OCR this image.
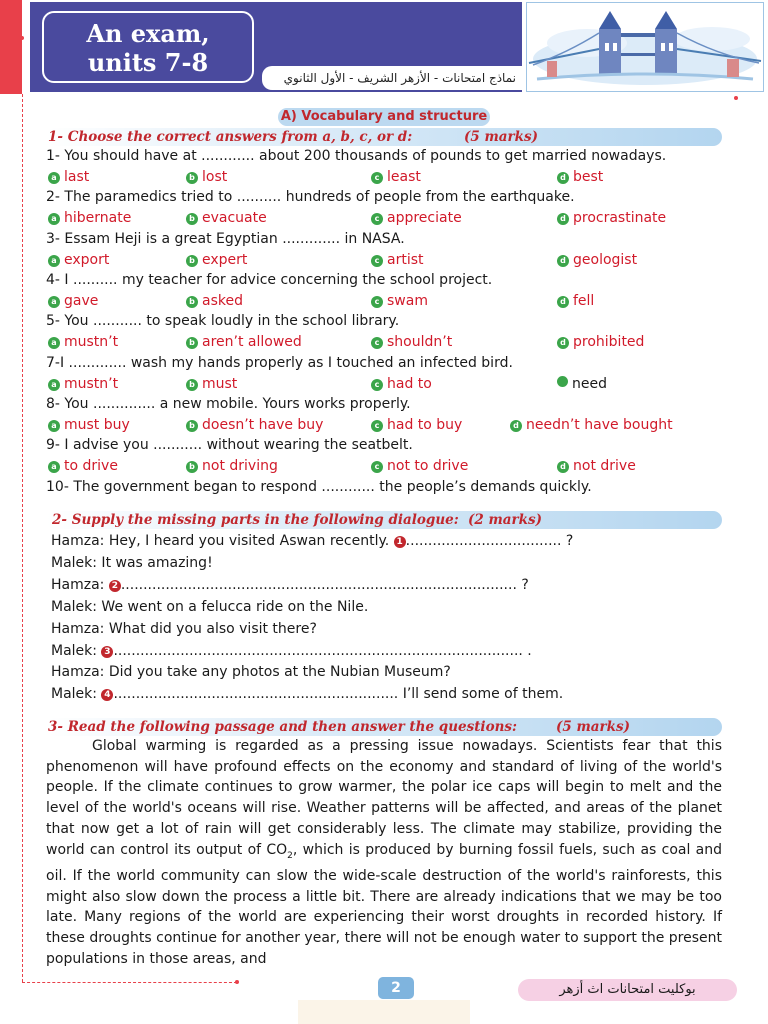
An exam,
units 7-8
نماذج امتحانات - الأزهر الشريف - الأول الثانوي
A) Vocabulary and structure
1- Choose the correct answers from a, b, c, or d:	(5 marks)
1- You should have at ............ about 200 thousands of pounds to get married nowadays.
a last	b lost	c least	d best
2- The paramedics tried to .......... hundreds of people from the earthquake.
a hibernate	b evacuate	c appreciate	d procrastinate
3- Essam Heji is a great Egyptian ............. in NASA.
a export	b expert	c artist	d geologist
4- I .......... my teacher for advice concerning the school project.
a gave	b asked	c swam	d fell
5- You ........... to speak loudly in the school library.
a mustn’t	b aren’t allowed	c shouldn’t	d prohibited
7-I ............. wash my hands properly as I touched an infected bird.
a mustn’t	b must	c had to	need
8- You .............. a new mobile. Yours works properly.
a must buy	b doesn’t have buy	c had to buy	d needn’t have bought
9- I advise you ........... without wearing the seatbelt.
a to drive	b not driving	c not to drive	d not drive
10- The government began to respond ............ the people’s demands quickly.
2- Supply the missing parts in the following dialogue: (2 marks)
Hamza: Hey, I heard you visited Aswan recently. 1 ................................... ?
Malek: It was amazing!
Hamza: 2 ......................................................................................... ?
Malek: We went on a felucca ride on the Nile.
Hamza: What did you also visit there?
Malek: 3 ............................................................................................ .
Hamza: Did you take any photos at the Nubian Museum?
Malek: 4 ................................................................ I’ll send some of them.
3- Read the following passage and then answer the questions:	(5 marks)

Global warming is regarded as a pressing issue nowadays. Scientists fear that this phenomenon will have profound effects on the economy and standard of living of the world's people. If the climate continues to grow warmer, the polar ice caps will begin to melt and the level of the world's oceans will rise. Weather patterns will be affected, and areas of the planet that now get a lot of rain will get considerably less. The climate may stabilize, providing the world can control its output of $CO_2$, which is produced by burning fossil fuels, such as coal and oil. If the world community can slow the wide-scale destruction of the world's rainforests, this might also slow down the process a little bit. There are already indications that we may be too late. Many regions of the world are experiencing their worst droughts in recorded history. If these droughts continue for another year, there will not be enough water to support the present populations in those areas, and

2	بوكليت امتحانات اث أزهر
